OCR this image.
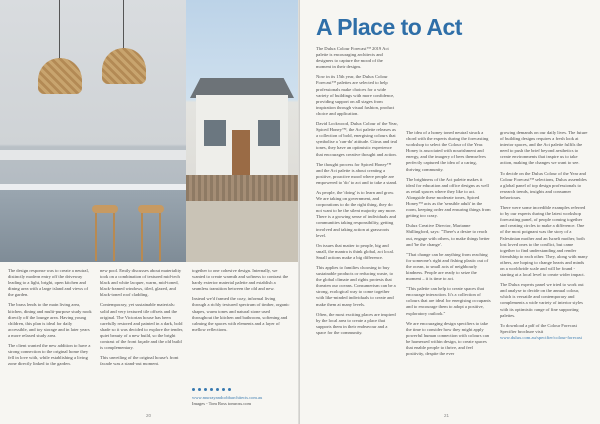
The design response was to create a neutral, distinctly modern entry off the driveway leading to a light, bright, open kitchen and dining area with a large island and views of the garden.

The brass lends to the main living area, kitchen, dining and multi-purpose study nook directly off the lounge area. Having young children, this plan is ideal for daily accessible, and toy storage and in later years a more relaxed study area.

The client wanted the new addition to have a strong connection to the original home they fell in love with, while establishing a living zone directly linked to the garden.

new pool. Emily discusses about materiality took on a combination of textured mid-tech black and white lacquer, warm, mid-toned, black-framed windows, tiled, glazed, and black-toned roof cladding.

Contemporary, yet sustainable materials: solid and very textured tile offsets and the original. The Victorian house has been carefully restored and painted in a dark, bold shade so it was decided to explore the tender, quiet beauty of a new build, so the bright contrast of the front façade and the old build is complementary.

This unveiling of the original house's front facade was a stand-out moment.

together to one cohesive design. Internally, we wanted to create warmth and softness to contrast the hardy exterior material palette and establish a seamless transition between the old and new.

Instead we'd framed the cozy, informal living through a richly textured spectrum of timber, organic shapes, warm tones and natural stone used throughout the kitchen and bathroom, softening and calming the spaces with elements and a layer of mellow reflections.

www.murrayandcobbarchitects.com.au
Images - Tom Ross tomross.com
20
A Place to Act

The Dulux Colour Forecast™ 2019 Act palette is encouraging architects and designers to capture the mood of the moment in their designs.

Now in its 15th year, the Dulux Colour Forecast™ palettes are selected to help professionals make choices for a wide variety of buildings with more confidence, providing support on all stages from inspiration through visual fashion, product choice and application.

David Lockwood, Dulux Colour of the Year, Spiced Honey™, the Act palette releases as a collection of bold, energising colours that symbolise a 'can-do' attitude. Citrus and teal tones, they have an optimistic experience that encourages creative thought and action.

The thought process for Spiced Honey™ and the Act palette is about creating a positive, proactive mood where people are empowered to 'do' to act and to take a stand.

As people, the 'doing' is to learn and grow. We are taking on government, and corporations to do the right thing, they do not want to be the silent majority any more. There is a growing sense of individuals and communities taking responsibility, getting involved and taking action at grassroots level.

On issues that matter to people, big and small, the mantra is think global, act local. Small actions make a big difference.

This applies to families choosing to buy sustainable products or reducing waste, to the global climate and rights protests that threaten our oceans. Consumerism can be a strong, ecological way to come together with like-minded individuals to create and make them at many levels.

Often, the most exciting places are inspired by the local area to create a place that supports them in their endeavour and a space for the community.

The idea of a honey toned neutral struck a chord with the experts during the forecasting workshop to select the Colour of the Year. Honey is associated with nourishment and energy, and the imagery of bees themselves perfectly captured the idea of a caring, thriving community.

The brightness of the Act palette makes it ideal for education and office designs as well as retail spaces where they like to act. Alongside these moderate tones, Spiced Honey™ acts as the 'sensible adult' in the room, keeping order and ensuring things from getting too crazy.

Dulux Creative Director, Marianne Shillingford, says: "There's a desire to reach out, engage with others, to make things better and 'be the change'.

"That change can be anything from reaching for someone's right and fishing plastic out of the ocean, to small acts of neighbourly kindness. People are ready to seize the moment – it is time to act.

"This palette can help to create spaces that encourage interaction. It's a collection of colours that are ideal for energising occupants and to encourage them to adopt a positive, exploratory outlook."

We are encouraging design specifiers to take the time to consider how they might apply powerful human connection with colours can be harnessed within design, to create spaces that enable people to thrive, and feel positivity, despite the ever

growing demands on our daily lives. The future of building designs requires a fresh look at interior spaces, and the Act palette fulfils the need to push the brief beyond aesthetics to create environments that inspire us to take action, making the changes we want to see.

To decide on the Dulux Colour of the Year and Colour Forecast™ selections, Dulux assembles a global panel of top design professionals to research trends, insights and consumer behaviours.

There were some incredible examples referred to by our experts during the latest workshop forecasting panel, of people coming together and creating circles to make a difference. One of the most poignant was the story of a Palestinian mother and an Israeli mother, both lost loved ones to the conflict, but came together to find understanding and render friendship to each other. They, along with many others, are hoping to change hearts and minds on a worldwide scale and will be found - starting at a local level to create wider impact.

The Dulux experts panel we tried to work out and analyse to decide on the annual colour, which is versatile and contemporary and complements a wide variety of interior styles with its optimistic range of fine supporting palettes.

To download a pdf of the Colour Forecast Specifier brochure visit

www.dulux.com.au/specifier/colour-forecast

21
